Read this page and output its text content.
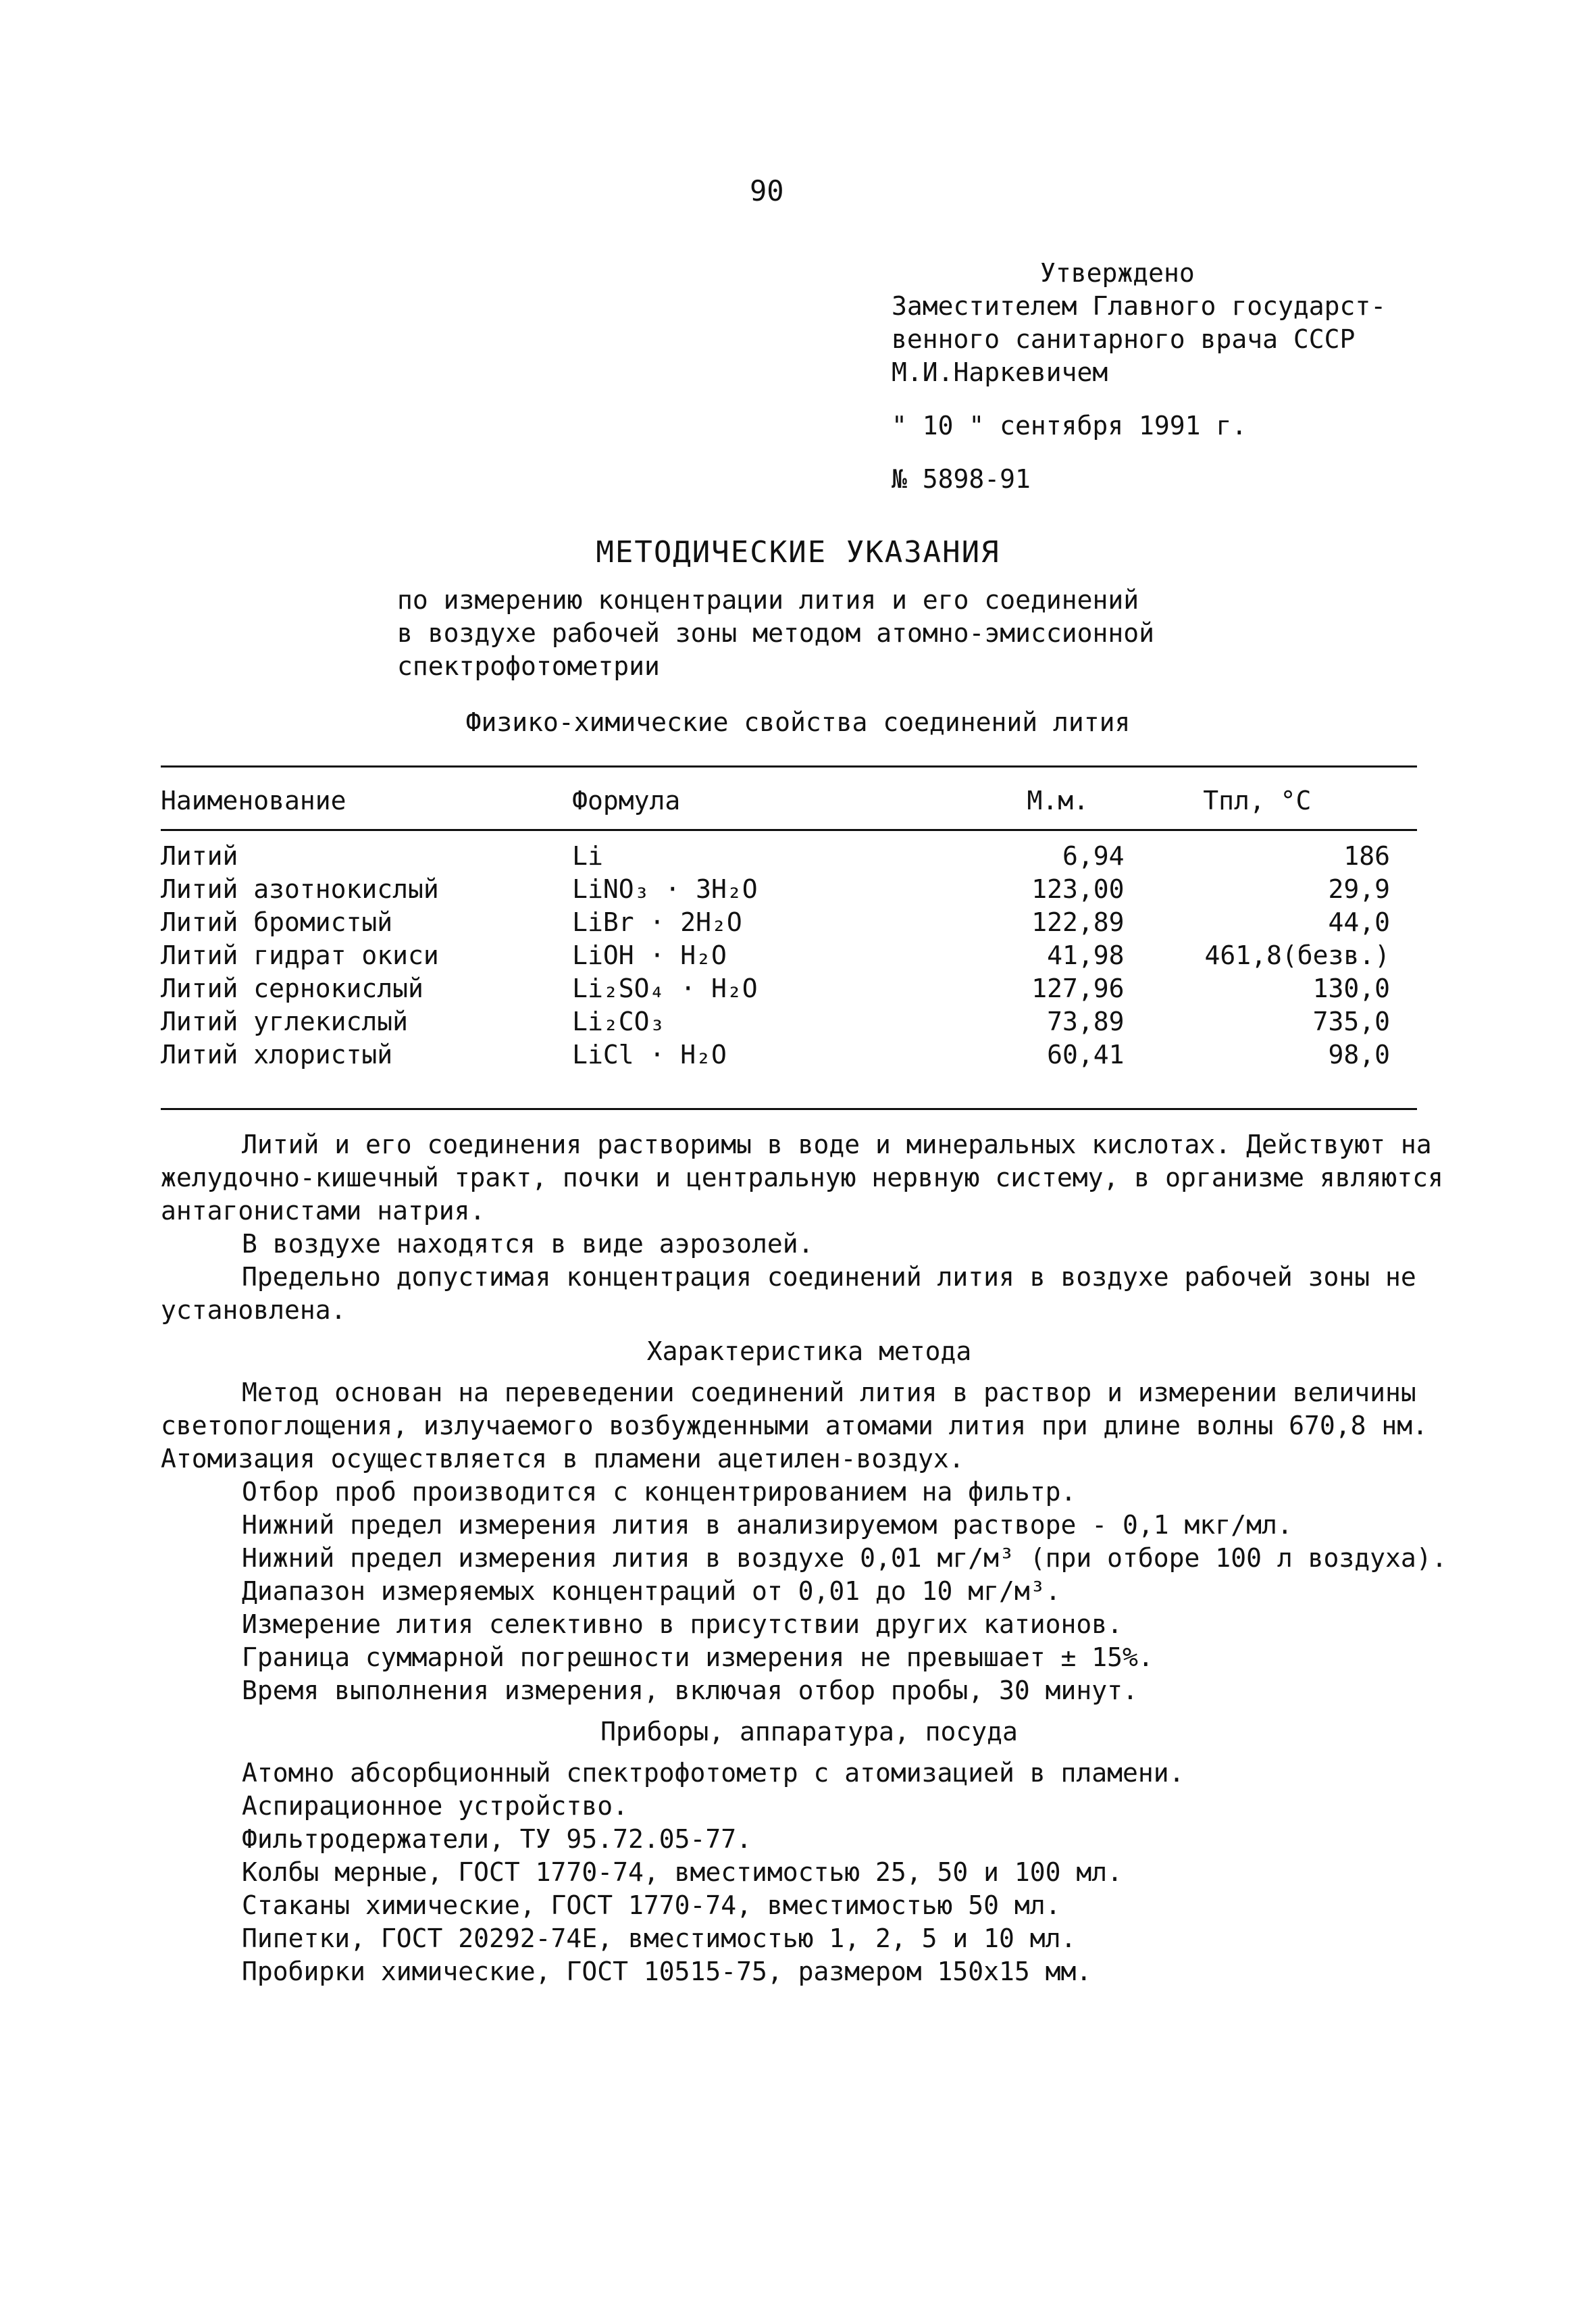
90
Утверждено
Заместителем Главного государст-
венного санитарного врача СССР
М.И.Наркевичем
" 10 " сентября 1991 г.
№ 5898-91
МЕТОДИЧЕСКИЕ УКАЗАНИЯ
по измерению концентрации лития и его соединений
в воздухе рабочей зоны методом атомно-эмиссионной
спектрофотометрии
Физико-химические свойства соединений лития
Наименование	Формула	М.м.	Тпл, °С

Литий	Li	6,94	186
Литий азотнокислый	LiNO₃ · 3H₂O	123,00	29,9
Литий бромистый	LiBr · 2H₂O	122,89	44,0
Литий гидрат окиси	LiOH · H₂O	41,98	461,8(безв.)
Литий сернокислый	Li₂SO₄ · H₂O	127,96	130,0
Литий углекислый	Li₂CO₃	73,89	735,0
Литий хлористый	LiCl · H₂O	60,41	98,0

Литий и его соединения растворимы в воде и минеральных кислотах. Действуют на желудочно-кишечный тракт, почки и центральную нервную систему, в организме являются антагонистами натрия.

В воздухе находятся в виде аэрозолей.

Предельно допустимая концентрация соединений лития в воздухе рабочей зоны не установлена.

Характеристика метода

Метод основан на переведении соединений лития в раствор и измерении величины светопоглощения, излучаемого возбужденными атомами лития при длине волны 670,8 нм. Атомизация осуществляется в пламени ацетилен-воздух.

Отбор проб производится с концентрированием на фильтр.

Нижний предел измерения лития в анализируемом растворе - 0,1 мкг/мл.

Нижний предел измерения лития в воздухе 0,01 мг/м³ (при отборе 100 л воздуха).

Диапазон измеряемых концентраций от 0,01 до 10 мг/м³.

Измерение лития селективно в присутствии других катионов.

Граница суммарной погрешности измерения не превышает ± 15%.

Время выполнения измерения, включая отбор пробы, 30 минут.

Приборы, аппаратура, посуда

Атомно абсорбционный спектрофотометр с атомизацией в пламени.

Аспирационное устройство.

Фильтродержатели, ТУ 95.72.05-77.

Колбы мерные, ГОСТ 1770-74, вместимостью 25, 50 и 100 мл.

Стаканы химические, ГОСТ 1770-74, вместимостью 50 мл.

Пипетки, ГОСТ 20292-74Е, вместимостью 1, 2, 5 и 10 мл.

Пробирки химические, ГОСТ 10515-75, размером 150х15 мм.
